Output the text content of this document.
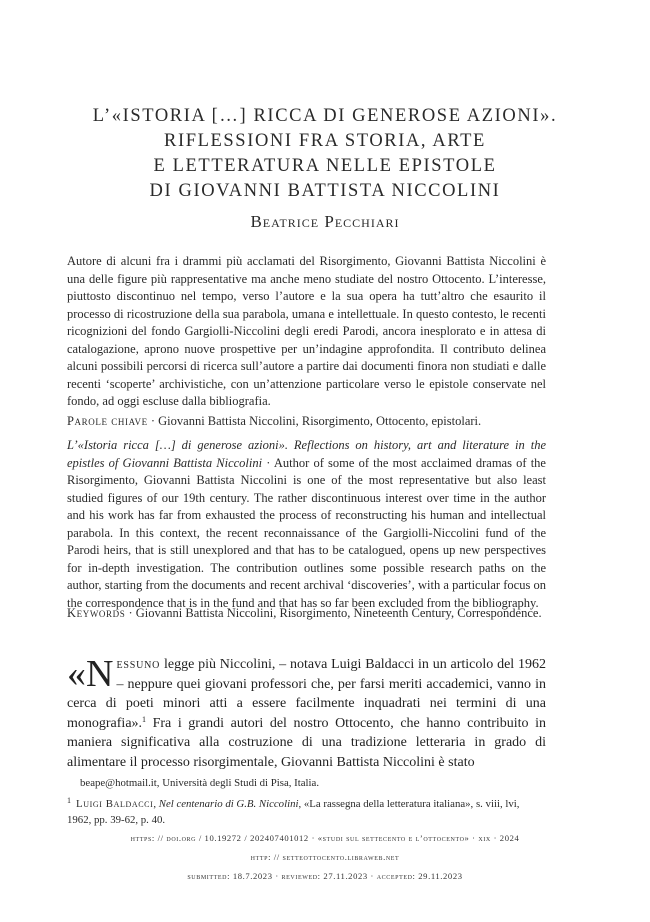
L’«ISTORIA […] RICCA DI GENEROSE AZIONI».
RIFLESSIONI FRA STORIA, ARTE
E LETTERATURA NELLE EPISTOLE
DI GIOVANNI BATTISTA NICCOLINI
Beatrice Pecchiari
Autore di alcuni fra i drammi più acclamati del Risorgimento, Giovanni Battista Niccolini è una delle figure più rappresentative ma anche meno studiate del nostro Ottocento. L’interesse, piuttosto discontinuo nel tempo, verso l’autore e la sua opera ha tutt’altro che esaurito il processo di ricostruzione della sua parabola, umana e intellettuale. In questo contesto, le recenti ricognizioni del fondo Gargiolli-Niccolini degli eredi Parodi, ancora inesplorato e in attesa di catalogazione, aprono nuove prospettive per un’indagine approfondita. Il contributo delinea alcuni possibili percorsi di ricerca sull’autore a partire dai documenti finora non studiati e dalle recenti ‘scoperte’ archivistiche, con un’attenzione particolare verso le epistole conservate nel fondo, ad oggi escluse dalla bibliografia.
Parole chiave · Giovanni Battista Niccolini, Risorgimento, Ottocento, epistolari.
L’«Istoria ricca […] di generose azioni». Reflections on history, art and literature in the epistles of Giovanni Battista Niccolini · Author of some of the most acclaimed dramas of the Risorgimento, Giovanni Battista Niccolini is one of the most representative but also least studied figures of our 19th century. The rather discontinuous interest over time in the author and his work has far from exhausted the process of reconstructing his human and intellectual parabola. In this context, the recent reconnaissance of the Gargiolli-Niccolini fund of the Parodi heirs, that is still unexplored and that has to be catalogued, opens up new perspectives for in-depth investigation. The contribution outlines some possible research paths on the author, starting from the documents and recent archival ‘discoveries’, with a particular focus on the correspondence that is in the fund and that has so far been excluded from the bibliography.
Keywords · Giovanni Battista Niccolini, Risorgimento, Nineteenth Century, Correspondence.
«N essuno legge più Niccolini, – notava Luigi Baldacci in un articolo del 1962 – neppure quei giovani professori che, per farsi meriti accademici, vanno in cerca di poeti minori atti a essere facilmente inquadrati nei termini di una monografia».$^1$ Fra i grandi autori del nostro Ottocento, che hanno contribuito in maniera significativa alla costruzione di una tradizione letteraria in grado di alimentare il processo risorgimentale, Giovanni Battista Niccolini è stato
beape@hotmail.it, Università degli Studi di Pisa, Italia.
$^1$ Luigi Baldacci, Nel centenario di G.B. Niccolini, «La rassegna della letteratura italiana», s. viii, lvi, 1962, pp. 39-62, p. 40.
https: // doi.org / 10.19272 / 202407401012 · «studi sul settecento e l’ottocento» · xix · 2024
http: // setteottocento.libraweb.net
submitted: 18.7.2023 · reviewed: 27.11.2023 · accepted: 29.11.2023
